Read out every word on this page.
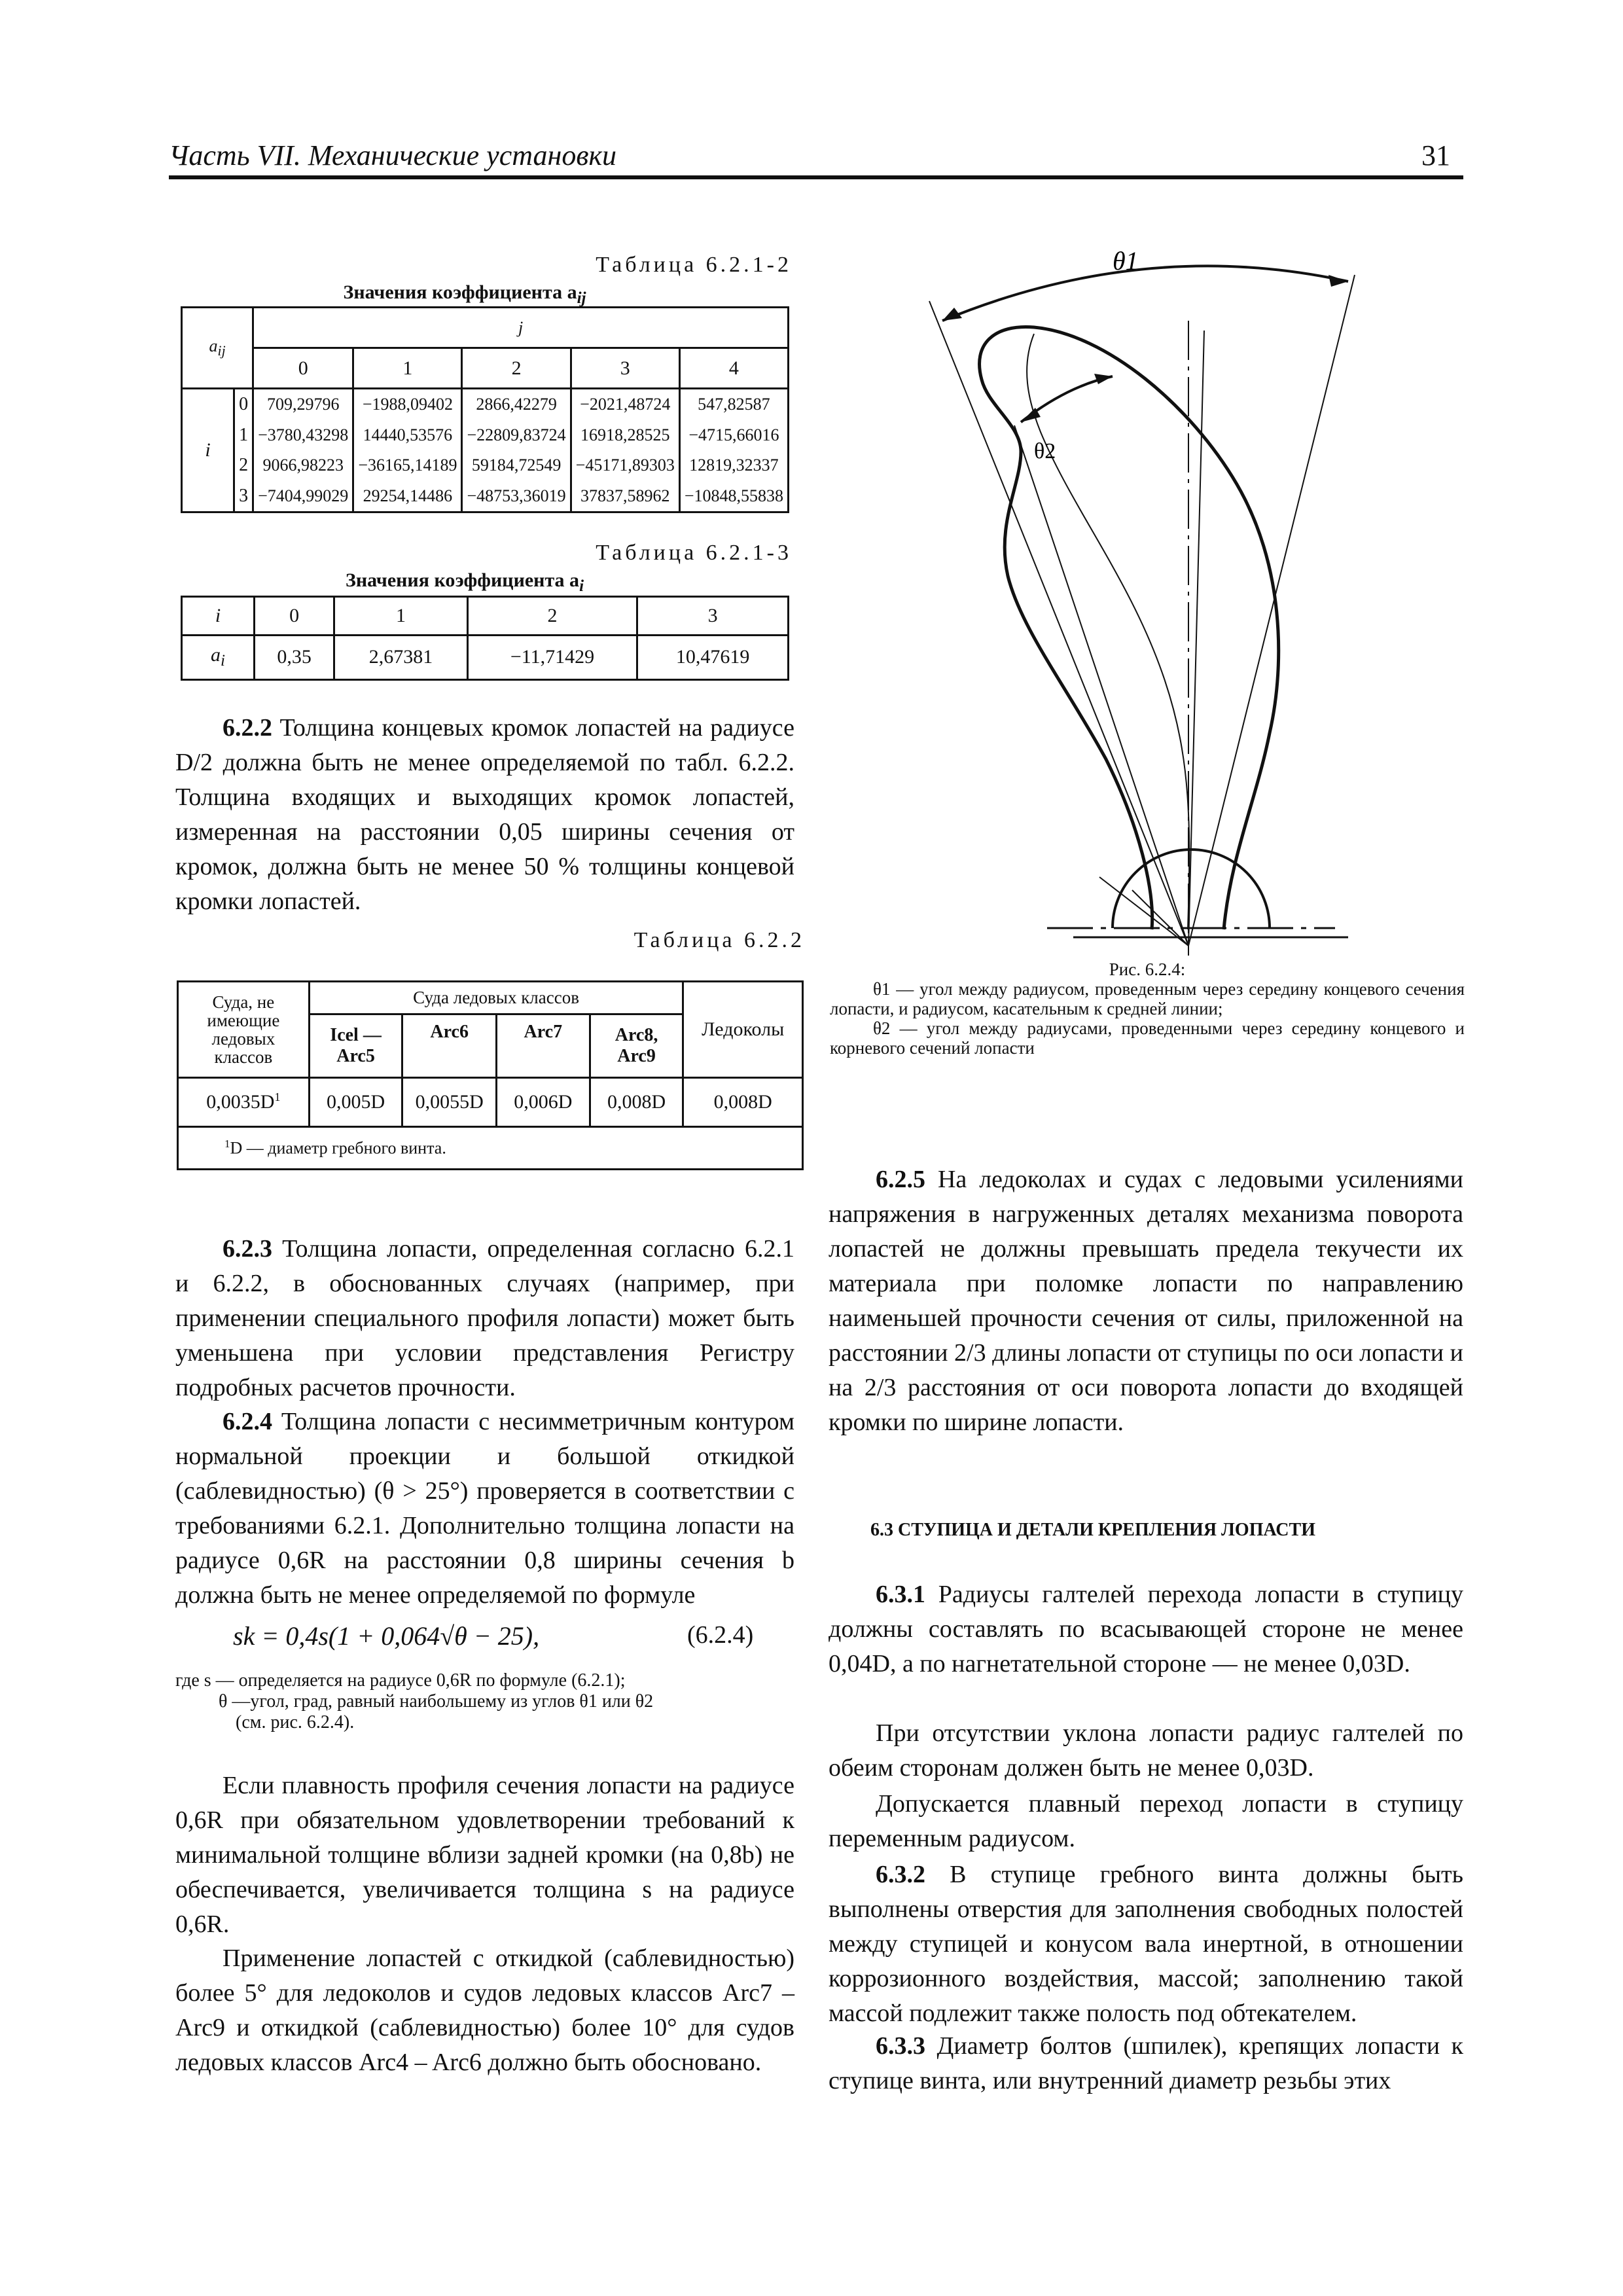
Часть VII. Механические установки	31
Таблица 6.2.1-2
Значения коэффициента $a_{ij}$
$a_{ij}$		j				
		0	1	2	3	4
i	0	709,29796	−1988,09402	2866,42279	−2021,48724	547,82587
	1	−3780,43298	14440,53576	−22809,83724	16918,28525	−4715,66016
	2	9066,98223	−36165,14189	59184,72549	−45171,89303	12819,32337
	3	−7404,99029	29254,14486	−48753,36019	37837,58962	−10848,55838
Таблица 6.2.1-3
Значения коэффициента $a_i$
i	0	1	2	3
$a_i$	0,35	2,67381	−11,71429	10,47619

6.2.2 Толщина концевых кромок лопастей на радиусе D/2 должна быть не менее определяемой по табл. 6.2.2. Толщина входящих и выходящих кромок лопастей, измеренная на расстоянии 0,05 ширины сечения от кромок, должна быть не менее 50 % толщины концевой кромки лопастей.

Таблица 6.2.2
Суда, не имеющие ледовых классов	Суда ледовых классов				Ледоколы
	Icel — Arc5	Arc6	Arc7	Arc8, Arc9	
$0,0035D^1$	0,005D	0,0055D	0,006D	0,008D	0,008D
$^1$D — диаметр гребного винта.					

6.2.3 Толщина лопасти, определенная согласно 6.2.1 и 6.2.2, в обоснованных случаях (например, при применении специального профиля лопасти) может быть уменьшена при условии представления Регистру подробных расчетов прочности.

6.2.4 Толщина лопасти с несимметричным контуром нормальной проекции и большой откидкой (саблевидностью) (θ > 25°) проверяется в соответствии с требованиями 6.2.1. Дополнительно толщина лопасти на радиусе 0,6R на расстоянии 0,8 ширины сечения b должна быть не менее определяемой по формуле

sk = 0,4s(1 + 0,064√θ − 25),	(6.2.4)
где s — определяется на радиусе 0,6R по формуле (6.2.1);
θ —угол, град, равный наибольшему из углов θ1 или θ2
(см. рис. 6.2.4).

Если плавность профиля сечения лопасти на радиусе 0,6R при обязательном удовлетворении требований к минимальной толщине вблизи задней кромки (на 0,8b) не обеспечивается, увеличивается толщина s на радиусе 0,6R.

Применение лопастей с откидкой (саблевидностью) более 5° для ледоколов и судов ледовых классов Arc7 – Arc9 и откидкой (саблевидностью) более 10° для судов ледовых классов Arc4 – Arc6 должно быть обосновано.

θ1
θ2
Рис. 6.2.4:
θ1 — угол между радиусом, проведенным через середину концевого сечения лопасти, и радиусом, касательным к средней линии;
θ2 — угол между радиусами, проведенными через середину концевого и корневого сечений лопасти

6.2.5 На ледоколах и судах с ледовыми усилениями напряжения в нагруженных деталях механизма поворота лопастей не должны превышать предела текучести их материала при поломке лопасти по направлению наименьшей прочности сечения от силы, приложенной на расстоянии 2/3 длины лопасти от ступицы по оси лопасти и на 2/3 расстояния от оси поворота лопасти до входящей кромки по ширине лопасти.

6.3 СТУПИЦА И ДЕТАЛИ КРЕПЛЕНИЯ ЛОПАСТИ

6.3.1 Радиусы галтелей перехода лопасти в ступицу должны составлять по всасывающей стороне не менее 0,04D, а по нагнетательной стороне — не менее 0,03D.

При отсутствии уклона лопасти радиус галтелей по обеим сторонам должен быть не менее 0,03D.

Допускается плавный переход лопасти в ступицу переменным радиусом.

6.3.2 В ступице гребного винта должны быть выполнены отверстия для заполнения свободных полостей между ступицей и конусом вала инертной, в отношении коррозионного воздействия, массой; заполнению такой массой подлежит также полость под обтекателем.

6.3.3 Диаметр болтов (шпилек), крепящих лопасти к ступице винта, или внутренний диаметр резьбы этих
